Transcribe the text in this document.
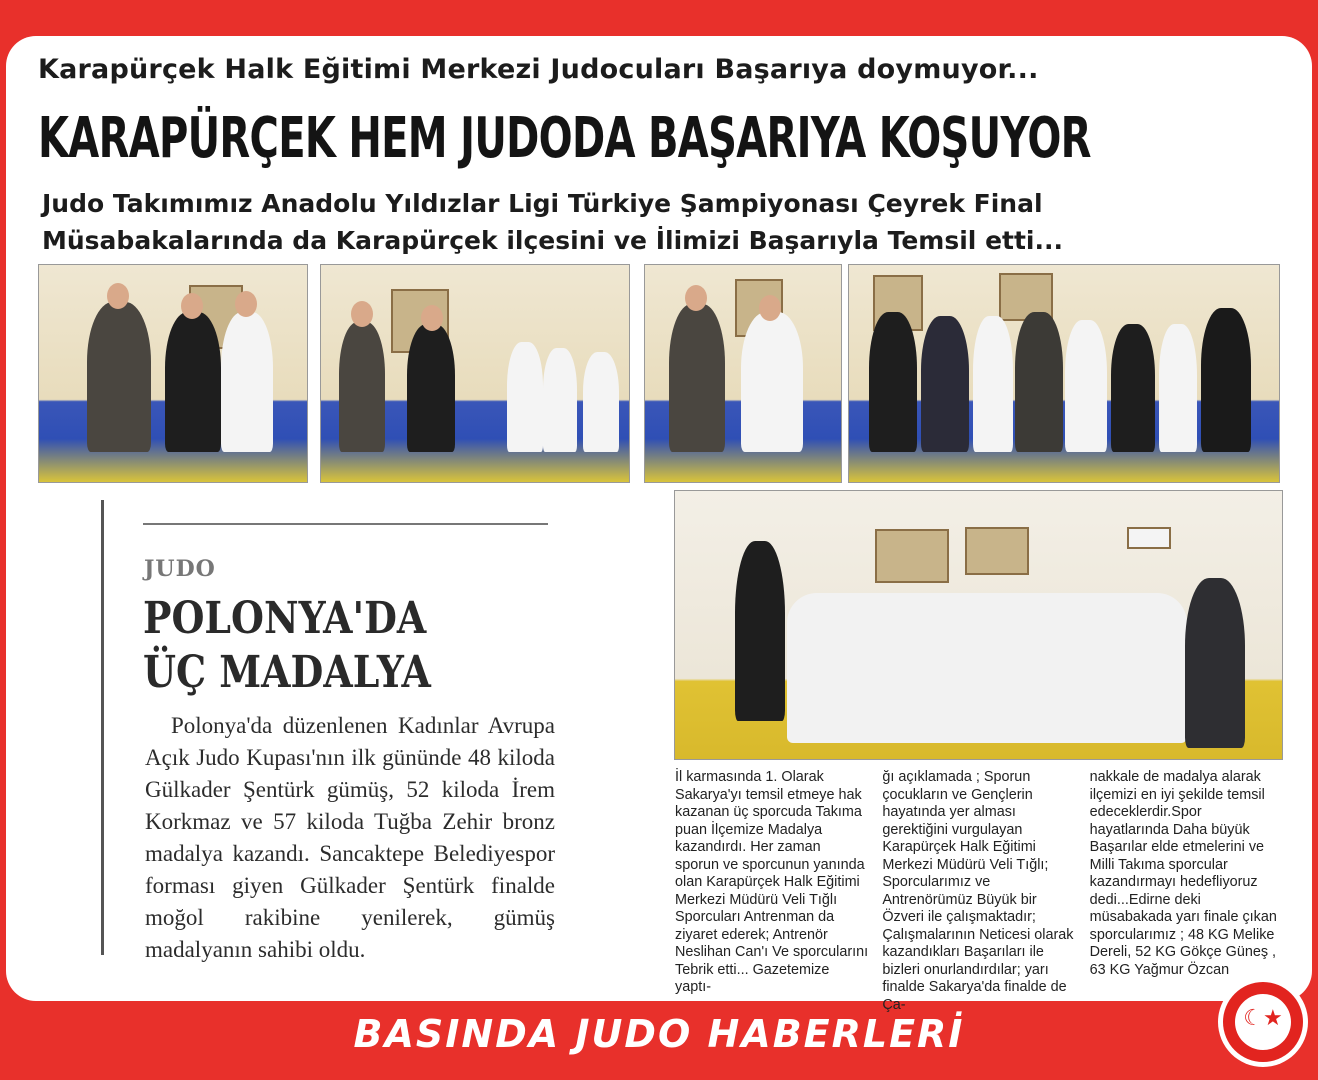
Karapürçek Halk Eğitimi Merkezi Judocuları Başarıya doymuyor...
KARAPÜRÇEK HEM JUDODA BAŞARIYA KOŞUYOR
Judo Takımımız Anadolu Yıldızlar Ligi Türkiye Şampiyonası Çeyrek Final
Müsabakalarında da Karapürçek ilçesini ve İlimizi Başarıyla Temsil etti...
JUDO
POLONYA'DA
ÜÇ MADALYA
Polonya'da düzenlenen Kadınlar Avrupa Açık Judo Kupası'nın ilk gününde 48 kiloda Gülkader Şentürk gümüş, 52 kiloda İrem Korkmaz ve 57 kiloda Tuğba Zehir bronz madalya kazandı. Sancaktepe Belediyespor forması giyen Gülkader Şentürk finalde moğol rakibine yenilerek, gümüş madalyanın sahibi oldu.
İl karmasında 1. Olarak Sakarya'yı temsil etmeye hak kazanan üç sporcuda Takıma puan İlçemize Madalya kazandırdı. Her zaman sporun ve sporcunun yanında olan Karapürçek Halk Eğitimi Merkezi Müdürü Veli Tığlı Sporcuları Antrenman da ziyaret ederek; Antrenör Neslihan Can'ı Ve sporcularını Tebrik etti... Gazetemize yaptı-
ğı açıklamada ; Sporun çocukların ve Gençlerin hayatında yer alması gerektiğini vurgulayan Karapürçek Halk Eğitimi Merkezi Müdürü Veli Tığlı; Sporcularımız ve Antrenörümüz Büyük bir Özveri ile çalışmaktadır; Çalışmalarının Neticesi olarak kazandıkları Başarıları ile bizleri onurlandırdılar; yarı finalde Sakarya'da finalde de Ça-
nakkale de madalya alarak ilçemizi en iyi şekilde temsil edeceklerdir.Spor hayatlarında Daha büyük Başarılar elde etmelerini ve Milli Takıma sporcular kazandırmayı hedefliyoruz dedi...Edirne deki müsabakada yarı finale çıkan sporcularımız ; 48 KG Melike Dereli, 52 KG Gökçe Güneş , 63 KG Yağmur Özcan
BASINDA JUDO HABERLERİ	☾★
